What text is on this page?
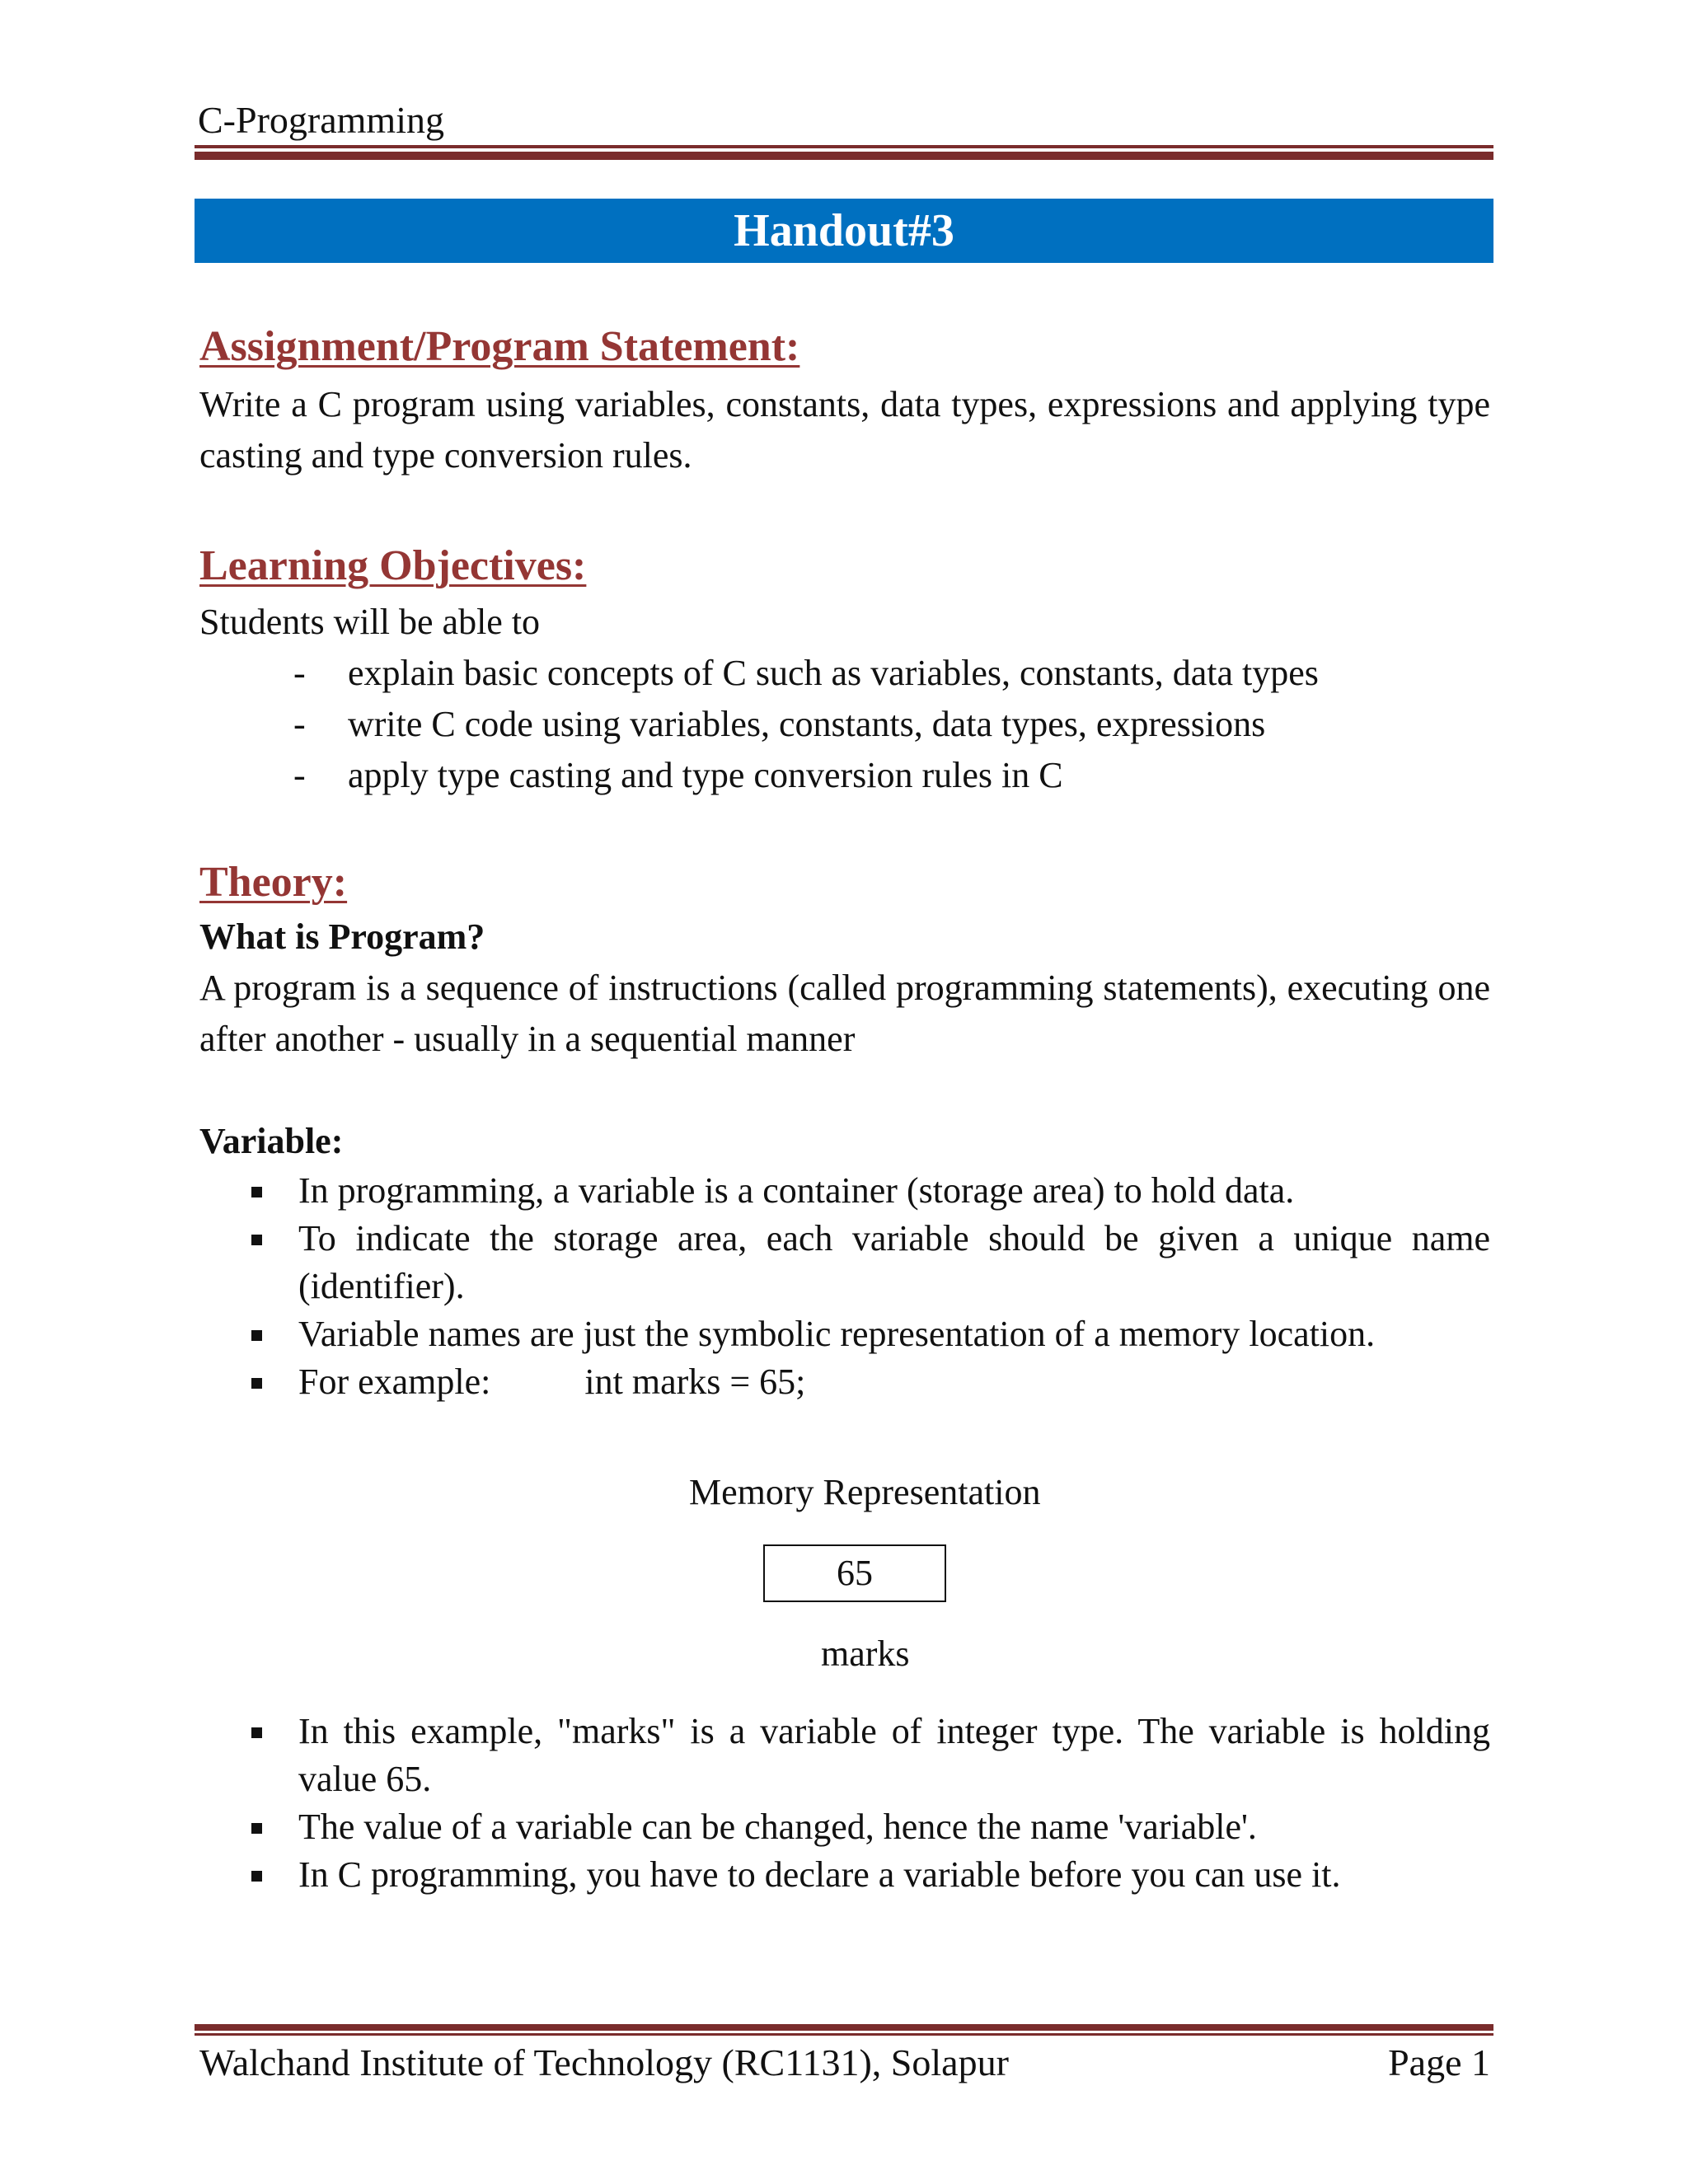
C-Programming
Handout#3
Assignment/Program Statement:
Write a C program using variables, constants, data types, expressions and applying type casting and type conversion rules.
Learning Objectives:
Students will be able to
- explain basic concepts of C such as variables, constants, data types
- write C code using variables, constants, data types, expressions
- apply type casting and type conversion rules in C
Theory:
What is Program?
A program is a sequence of instructions (called programming statements), executing one after another - usually in a sequential manner
Variable:
In programming, a variable is a container (storage area) to hold data.
To indicate the storage area, each variable should be given a unique name (identifier).
Variable names are just the symbolic representation of a memory location.
For example:	int marks = 65;
Memory Representation
65
marks
In this example, "marks" is a variable of integer type. The variable is holding value 65.
The value of a variable can be changed, hence the name 'variable'.
In C programming, you have to declare a variable before you can use it.
Walchand Institute of Technology (RC1131), Solapur	Page 1
